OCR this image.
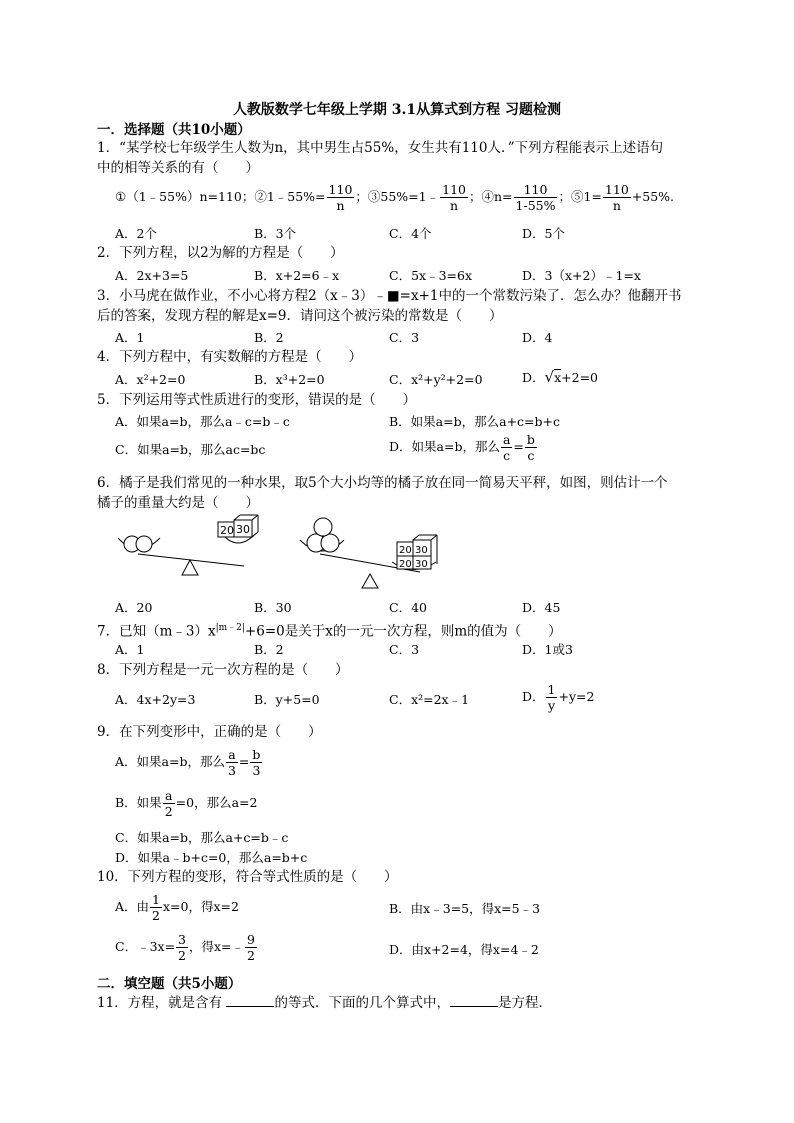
人教版数学七年级上学期 3.1从算式到方程 习题检测
一．选择题（共10小题）
1．“某学校七年级学生人数为n，其中男生占55%，女生共有110人．”下列方程能表示上述语句
中的相等关系的有（　　）
①（1﹣55%）n=110；②1﹣55%= $\frac{110}{n}$ ；③55%=1﹣ $\frac{110}{n}$ ；④n= $\frac{110}{1-55\%}$ ；⑤1= $\frac{110}{n} +55\%$.
A．2个	B．3个	C．4个	D．5个
2．下列方程，以2为解的方程是（　　）
A．2x+3=5	B．x+2=6﹣x	C．5x﹣3=6x	D．3（x+2）﹣1=x
3．小马虎在做作业，不小心将方程2（x﹣3）﹣■=x+1中的一个常数污染了．怎么办？他翻开书
后的答案，发现方程的解是x=9．请问这个被污染的常数是（　　）
A．1	B．2	C．3	D．4
4．下列方程中，有实数解的方程是（　　）
A．x²+2=0	B．x³+2=0	C．x²+y²+2=0	D．√x+2=0
5．下列运用等式性质进行的变形，错误的是（　　）
A．如果a=b，那么a﹣c=b﹣c	B．如果a=b，那么a+c=b+c
C．如果a=b，那么ac=bc	D．如果a=b，那么 $\frac{a}{c} = \frac{b}{c}$
6．橘子是我们常见的一种水果，取5个大小均等的橘子放在同一简易天平秤，如图，则估计一个
橘子的重量大约是（　　）
20 30
20 30
20 30
A．20	B．30	C．40	D．45
7．已知$(m﹣3)x^{|m﹣2|}+6=0$是关于x的一元一次方程，则m的值为（　　）
A．1	B．2	C．3	D．1或3
8．下列方程是一元一次方程的是（　　）
A．4x+2y=3	B．y+5=0	C．x²=2x﹣1	D． $\frac{1}{y} +y=2$
9．在下列变形中，正确的是（　　）
A．如果a=b，那么 $\frac{a}{3} = \frac{b}{3}$
B．如果 $\frac{a}{2} =0$，那么a=2
C．如果a=b，那么a+c=b﹣c
D．如果a﹣b+c=0，那么a=b+c
10．下列方程的变形，符合等式性质的是（　　）
A．由 $\frac{1}{2} x=0$，得x=2	B．由x﹣3=5，得x=5﹣3
C．﹣3x= $\frac{3}{2}$ ，得x=﹣ $\frac{9}{2}$	D．由x+2=4，得x=4﹣2
二．填空题（共5小题）
11．方程，就是含有	的等式．下面的几个算式中，	是方程．
